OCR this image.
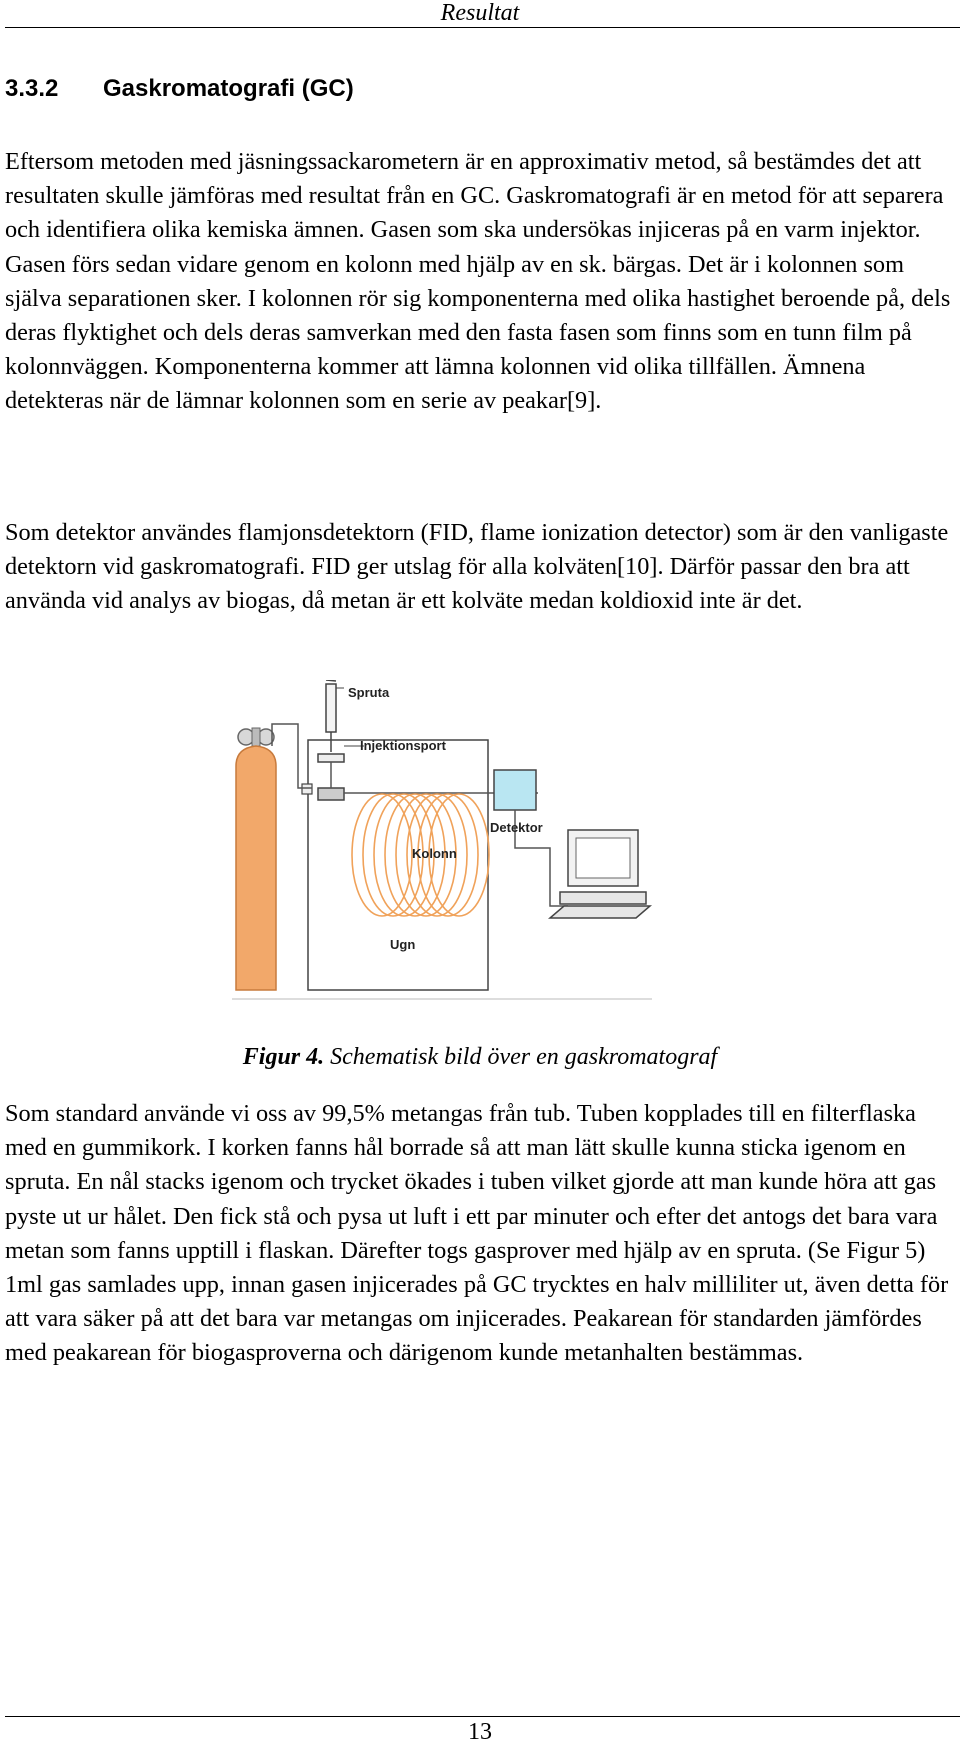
Resultat
3.3.2 Gaskromatografi (GC)

Eftersom metoden med jäsningssackarometern är en approximativ metod, så bestämdes det att resultaten skulle jämföras med resultat från en GC. Gaskromatografi är en metod för att separera och identifiera olika kemiska ämnen. Gasen som ska undersökas injiceras på en varm injektor. Gasen förs sedan vidare genom en kolonn med hjälp av en sk. bärgas. Det är i kolonnen som själva separationen sker. I kolonnen rör sig komponenterna med olika hastighet beroende på, dels deras flyktighet och dels deras samverkan med den fasta fasen som finns som en tunn film på kolonnväggen. Komponenterna kommer att lämna kolonnen vid olika tillfällen. Ämnena detekteras när de lämnar kolonnen som en serie av peakar[9].

Som detektor användes flamjonsdetektorn (FID, flame ionization detector) som är den vanligaste detektorn vid gaskromatografi. FID ger utslag för alla kolväten[10]. Därför passar den bra att använda vid analys av biogas, då metan är ett kolväte medan koldioxid inte är det.

Spruta
Injektionsport
Detektor
Kolonn
Ugn
Figur 4. Schematisk bild över en gaskromatograf

Som standard använde vi oss av 99,5% metangas från tub. Tuben kopplades till en filterflaska med en gummikork. I korken fanns hål borrade så att man lätt skulle kunna sticka igenom en spruta. En nål stacks igenom och trycket ökades i tuben vilket gjorde att man kunde höra att gas pyste ut ur hålet. Den fick stå och pysa ut luft i ett par minuter och efter det antogs det bara vara metan som fanns upptill i flaskan. Därefter togs gasprover med hjälp av en spruta. (Se Figur 5) 1ml gas samlades upp, innan gasen injicerades på GC trycktes en halv milliliter ut, även detta för att vara säker på att det bara var metangas om injicerades. Peakarean för standarden jämfördes med peakarean för biogasproverna och därigenom kunde metanhalten bestämmas.

13
